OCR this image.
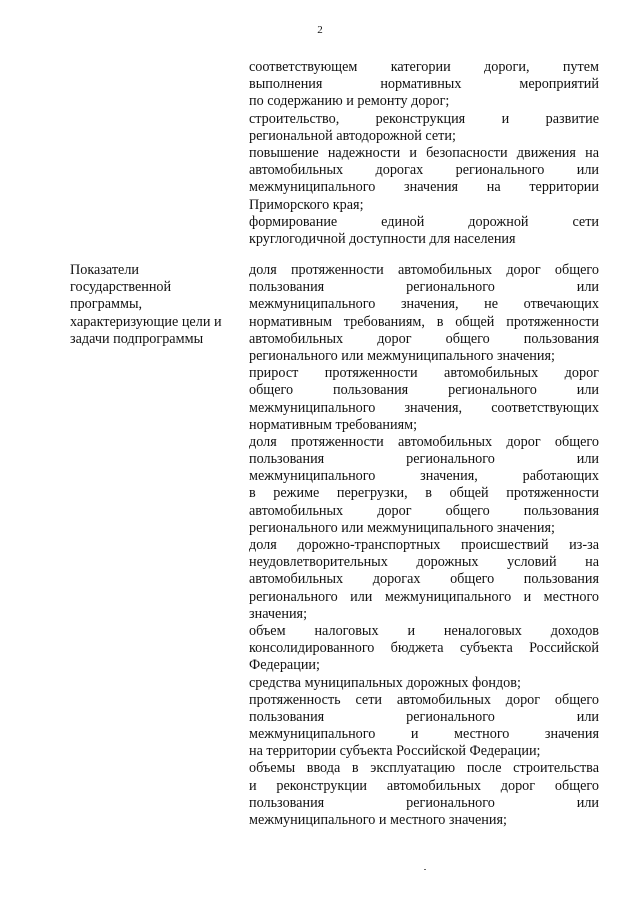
2
соответствующем категории дороги, путем
выполнения нормативных мероприятий
по содержанию и ремонту дорог;
строительство, реконструкция и развитие
региональной автодорожной сети;
повышение надежности и безопасности движения на
автомобильных дорогах регионального или
межмуниципального значения на территории
Приморского края;
формирование единой дорожной сети
круглогодичной доступности для населения
Показатели
государственной
программы,
характеризующие цели и
задачи подпрограммы
доля протяженности автомобильных дорог общего
пользования регионального или
межмуниципального значения, не отвечающих
нормативным требованиям, в общей протяженности
автомобильных дорог общего пользования
регионального или межмуниципального значения;
прирост протяженности автомобильных дорог
общего пользования регионального или
межмуниципального значения, соответствующих
нормативным требованиям;
доля протяженности автомобильных дорог общего
пользования регионального или
межмуниципального значения, работающих
в режиме перегрузки, в общей протяженности
автомобильных дорог общего пользования
регионального или межмуниципального значения;
доля дорожно-транспортных происшествий из-за
неудовлетворительных дорожных условий на
автомобильных дорогах общего пользования
регионального или межмуниципального и местного
значения;
объем налоговых и неналоговых доходов
консолидированного бюджета субъекта Российской
Федерации;
средства муниципальных дорожных фондов;
протяженность сети автомобильных дорог общего
пользования регионального или
межмуниципального и местного значения
на территории субъекта Российской Федерации;
объемы ввода в эксплуатацию после строительства
и реконструкции автомобильных дорог общего
пользования регионального или
межмуниципального и местного значения;
